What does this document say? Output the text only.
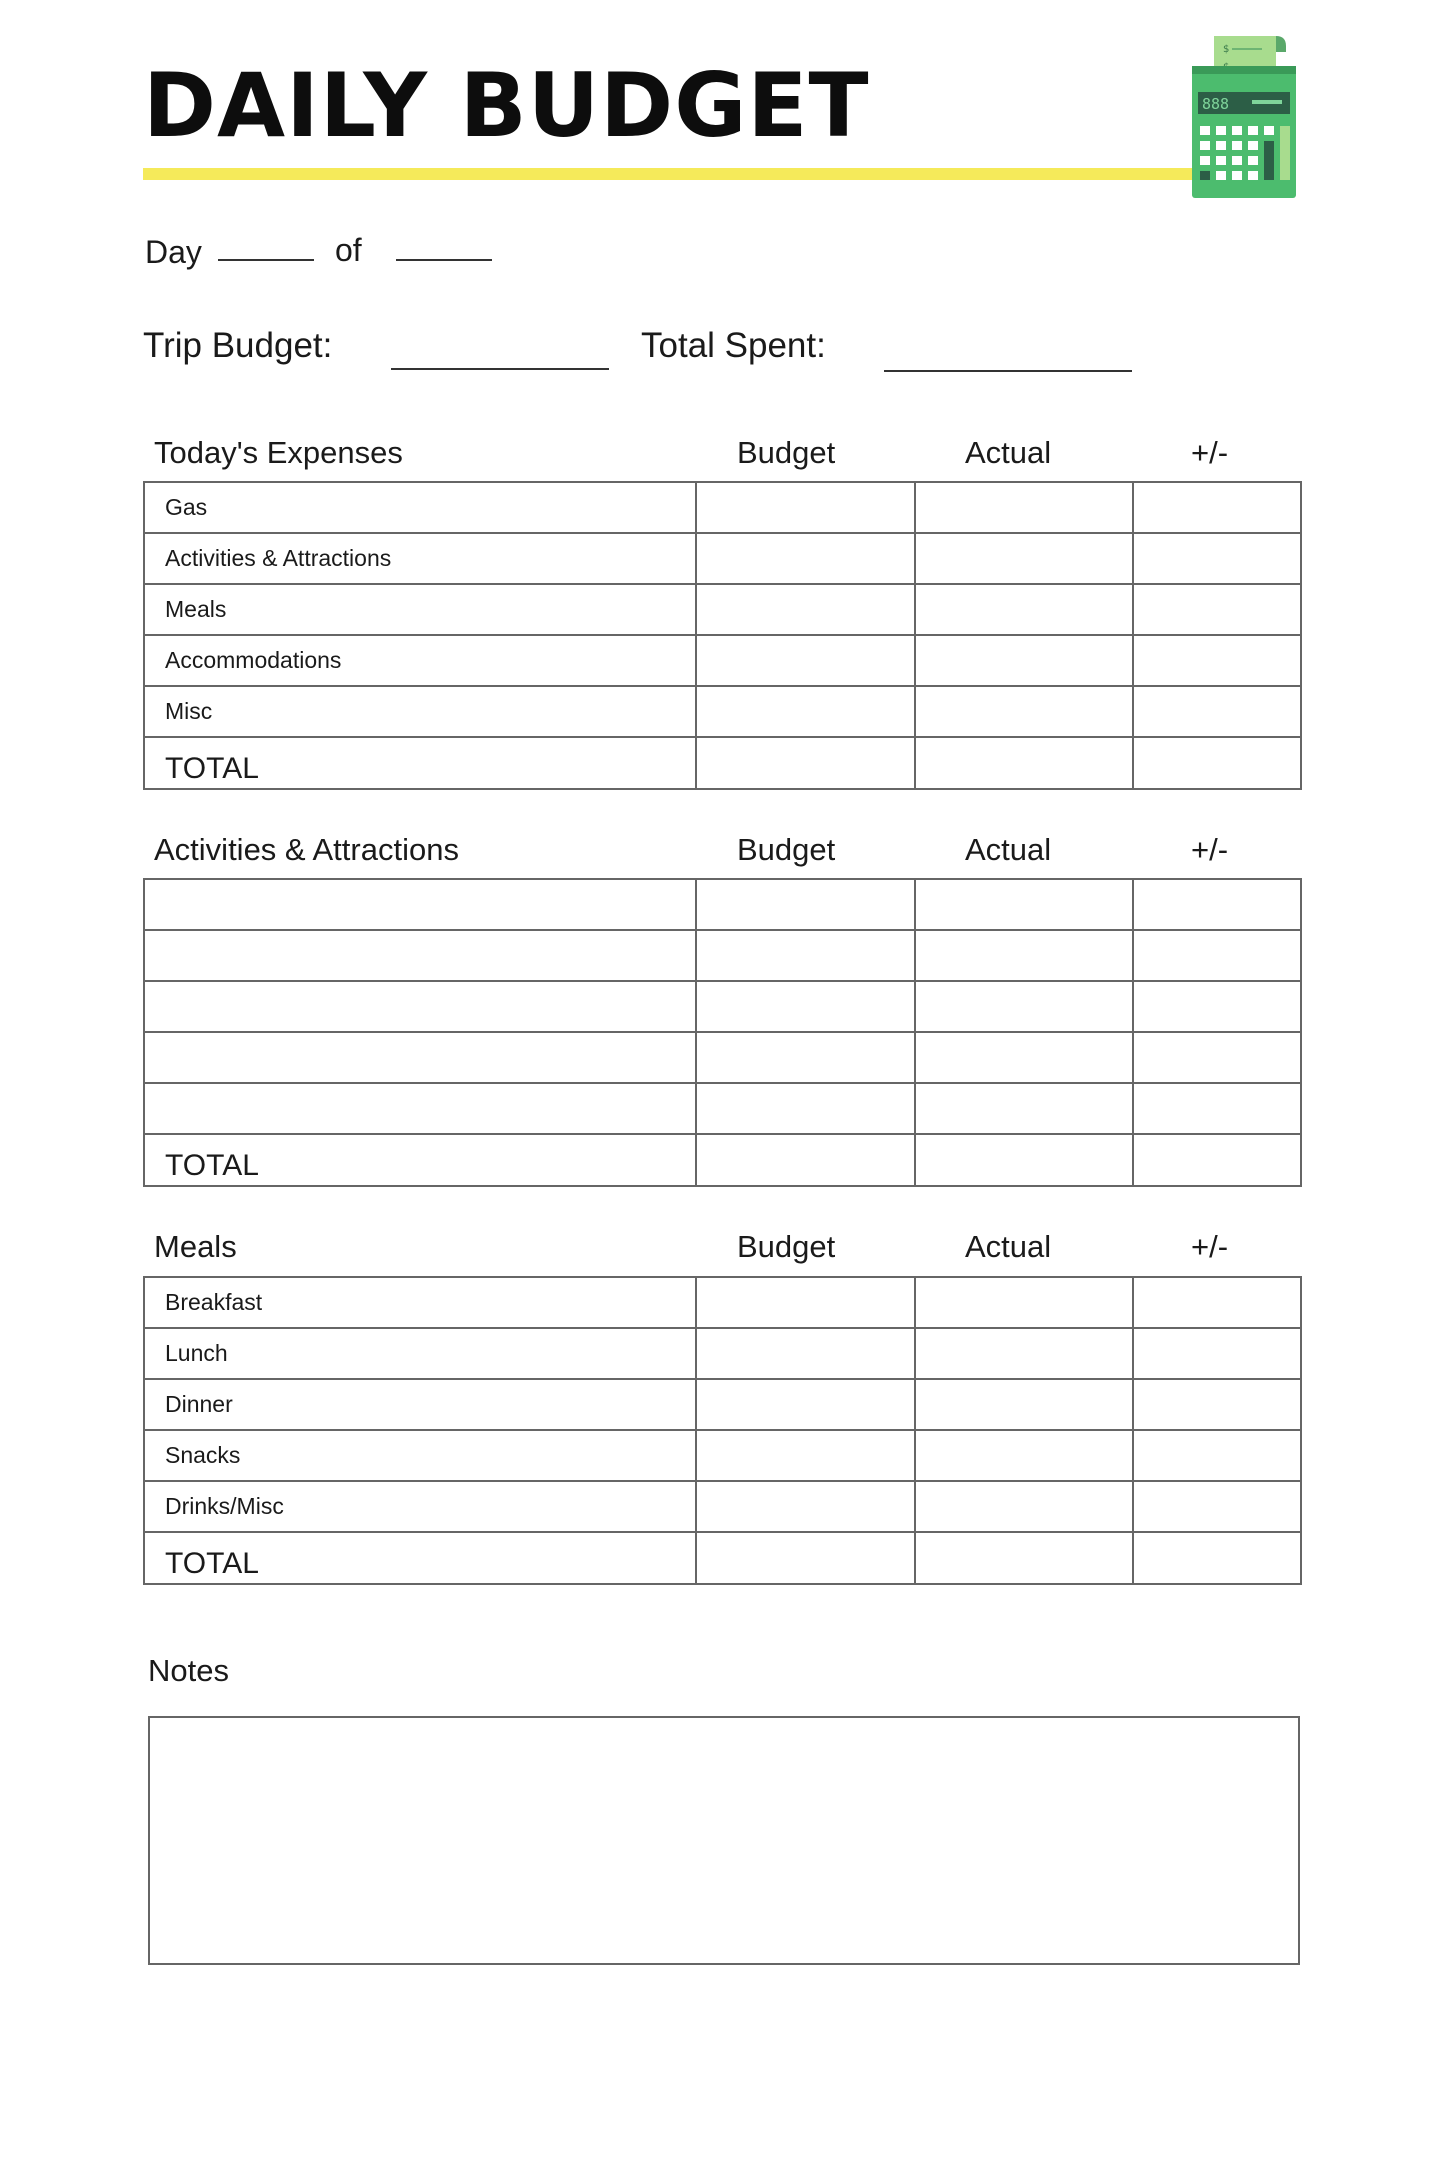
DAILY BUDGET
$
888
Day	of
Trip Budget:	Total Spent:
Today's Expenses	Budget	Actual	+/-
Gas			
Activities & Attractions			
Meals			
Accommodations			
Misc			
TOTAL			
Activities & Attractions	Budget	Actual	+/-

TOTAL			
Meals	Budget	Actual	+/-
Breakfast			
Lunch			
Dinner			
Snacks			
Drinks/Misc			
TOTAL			
Notes
